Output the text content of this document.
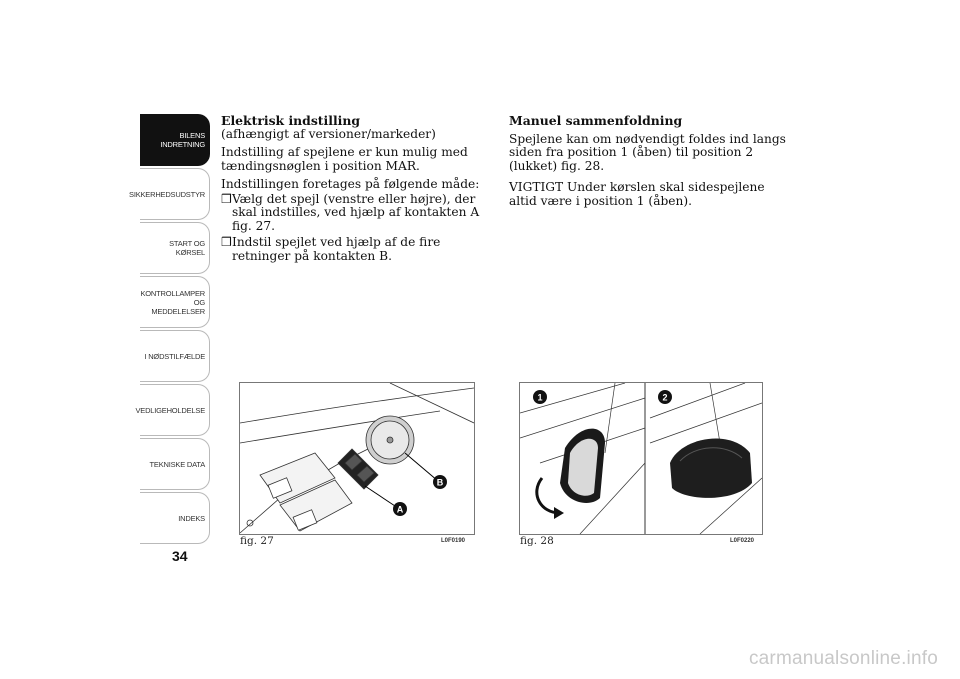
BILENS
INDRETNING
SIKKERHEDSUDSTYR
START OG KØRSEL
KONTROLLAMPER
OG MEDDELELSER
I NØDSTILFÆLDE
VEDLIGEHOLDELSE
TEKNISKE DATA
INDEKS
34
Elektrisk indstilling
(afhængigt af versioner/markeder)

Indstilling af spejlene er kun mulig med tændingsnøglen i position MAR.

Indstillingen foretages på følgende måde:

❒ Vælg det spejl (venstre eller højre), der skal indstilles, ved hjælp af kontakten A fig. 27.
❒ Indstil spejlet ved hjælp af de fire retninger på kontakten B.
Manuel sammenfoldning

Spejlene kan om nødvendigt foldes ind langs siden fra position 1 (åben) til position 2 (lukket) fig. 28.

VIGTIGT Under kørslen skal sidespejlene altid være i position 1 (åben).

A
B
fig. 27	L0F0190
1	2
fig. 28	L0F0220
carmanualsonline.info
